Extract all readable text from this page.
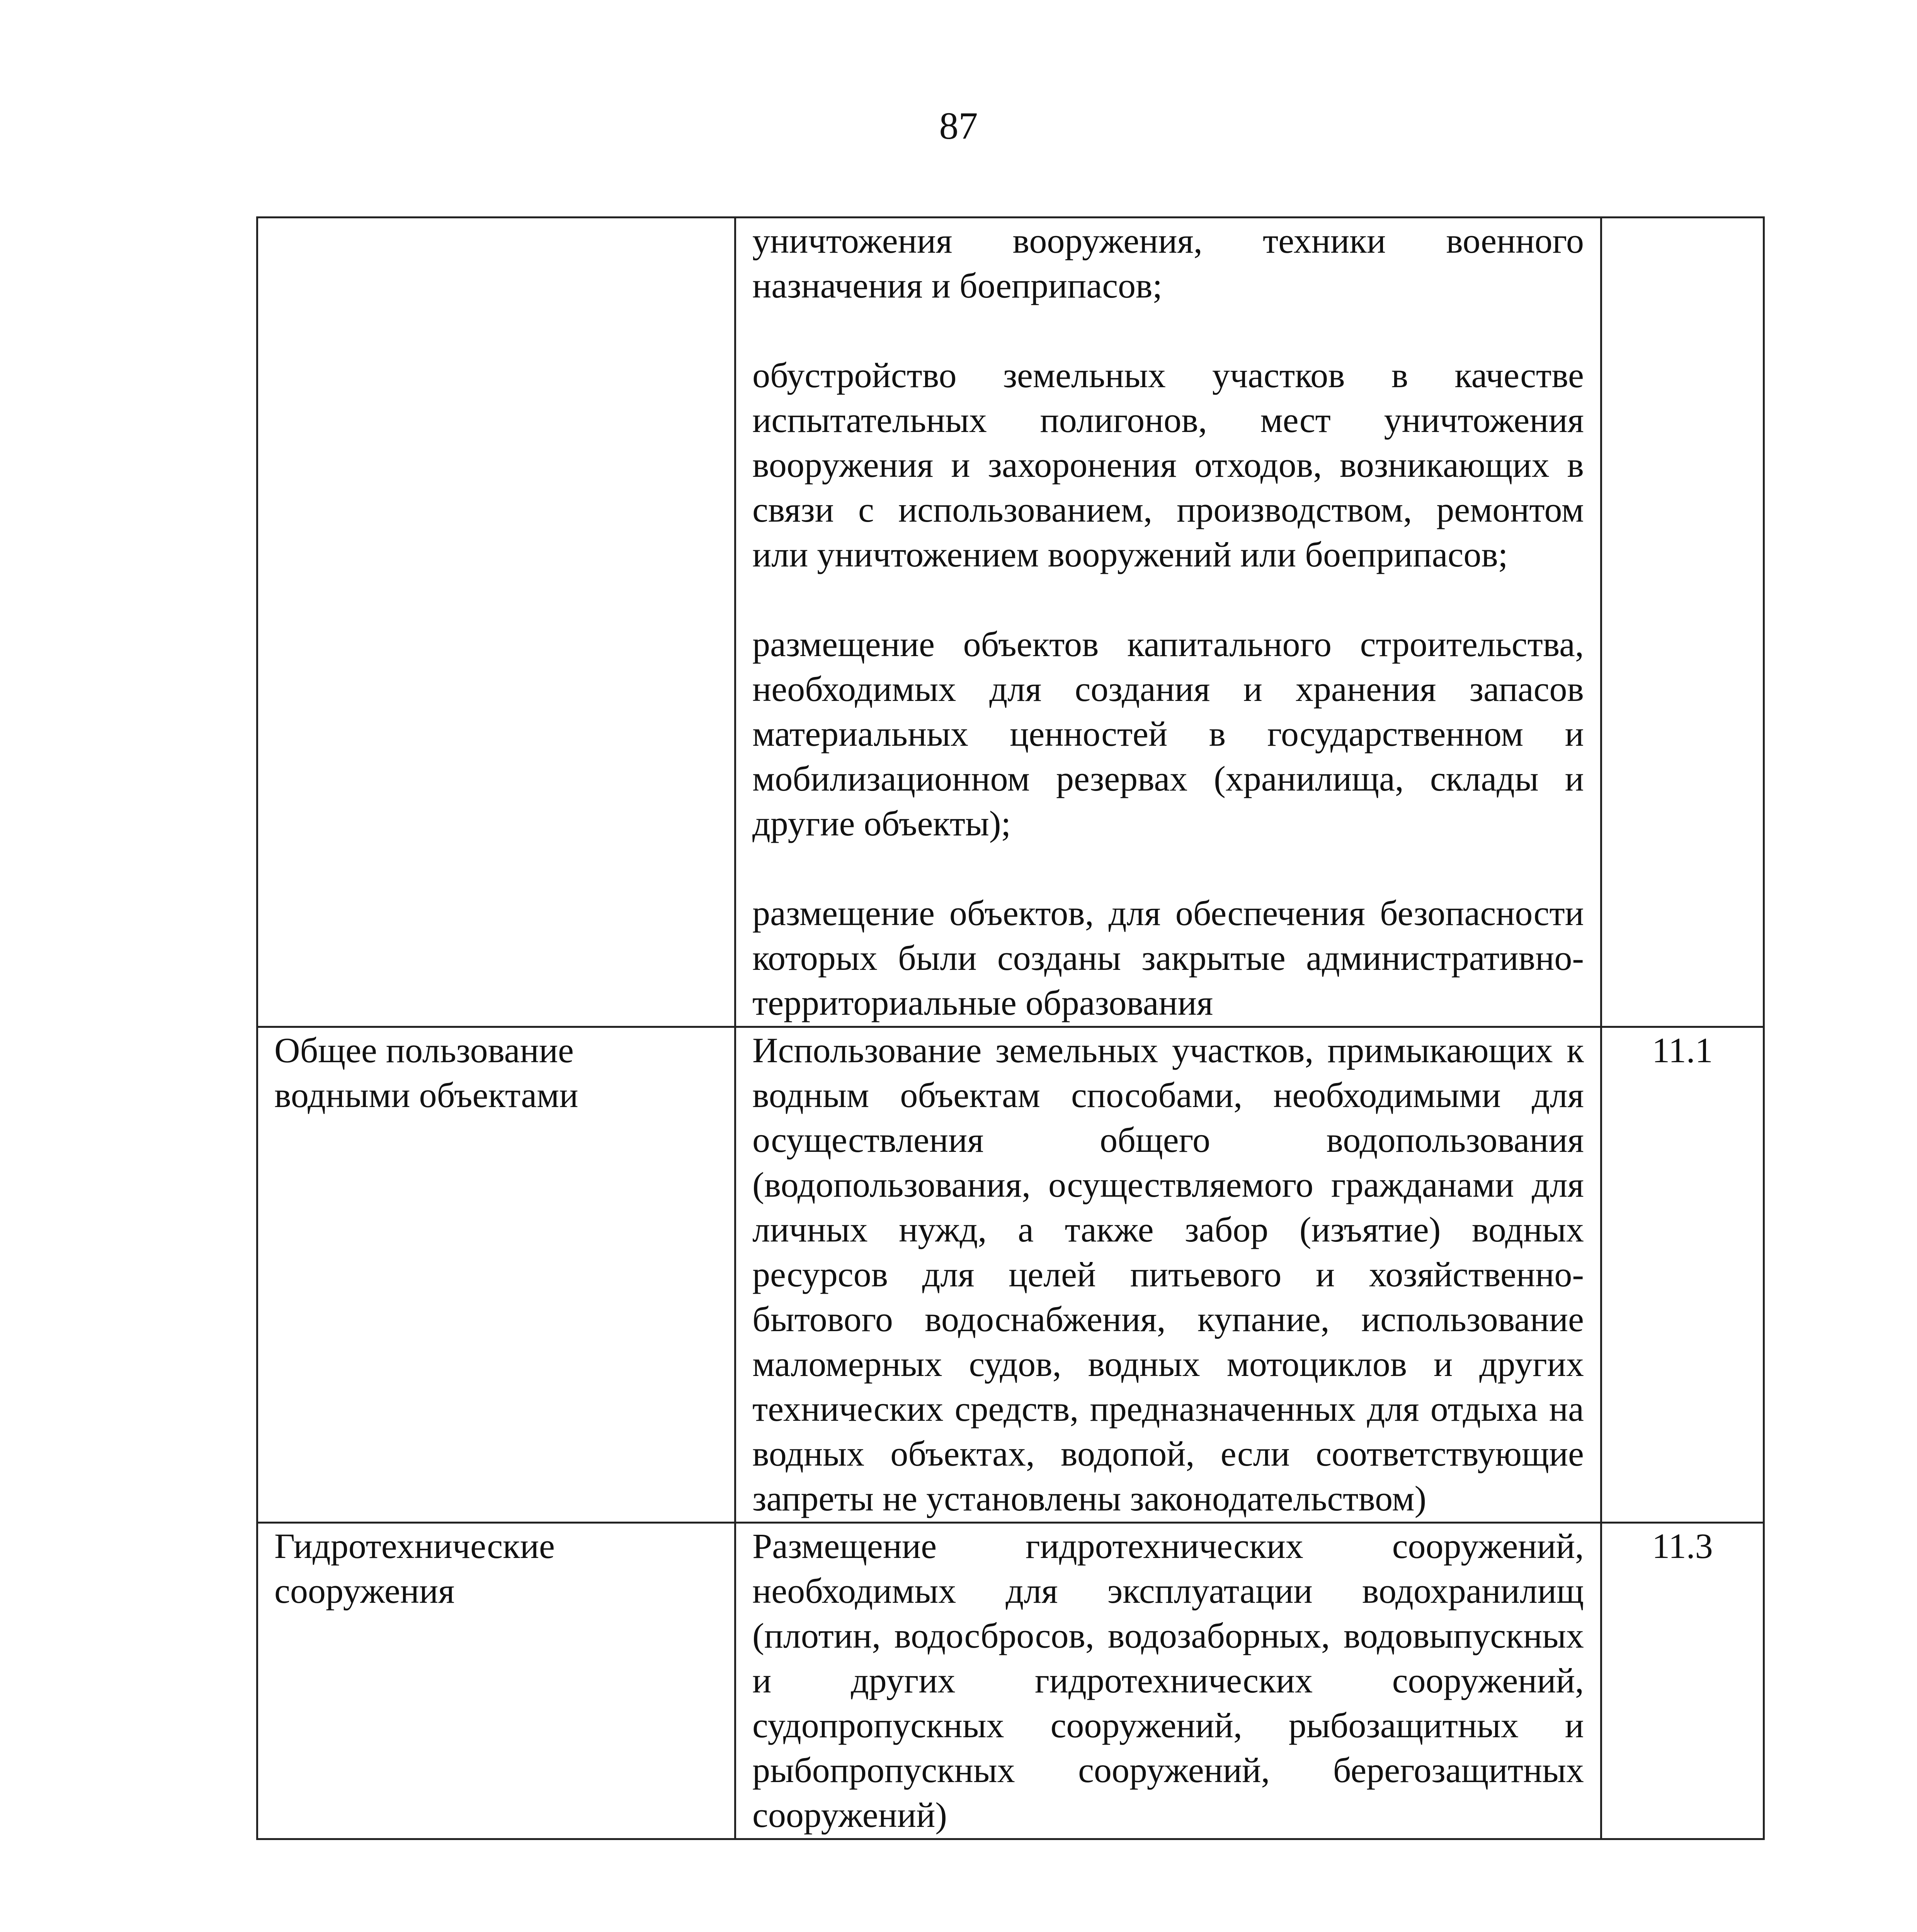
87

	уничтожения вооружения, техники военного назначения и боеприпасов;

обустройство земельных участков в качестве испытательных полигонов, мест уничтожения вооружения и захоронения отходов, возникающих в связи с использованием, производством, ремонтом или уничтожением вооружений или боеприпасов;

размещение объектов капитального строительства, необходимых для создания и хранения запасов материальных ценностей в государственном и мобилизационном резервах (хранилища, склады и другие объекты);

размещение объектов, для обеспечения безопасности которых были созданы закрытые административно-территориальные образования	

Общее пользование водными объектами	Использование земельных участков, примыкающих к водным объектам способами, необходимыми для осуществления общего водопользования (водопользования, осуществляемого гражданами для личных нужд, а также забор (изъятие) водных ресурсов для целей питьевого и хозяйственно-бытового водоснабжения, купание, использование маломерных судов, водных мотоциклов и других технических средств, предназначенных для отдыха на водных объектах, водопой, если соответствующие запреты не установлены законодательством)	11.1
Гидротехнические сооружения	Размещение гидротехнических сооружений, необходимых для эксплуатации водохранилищ (плотин, водосбросов, водозаборных, водовыпускных и других гидротехнических сооружений, судопропускных сооружений, рыбозащитных и рыбопропускных сооружений, берегозащитных сооружений)	11.3
